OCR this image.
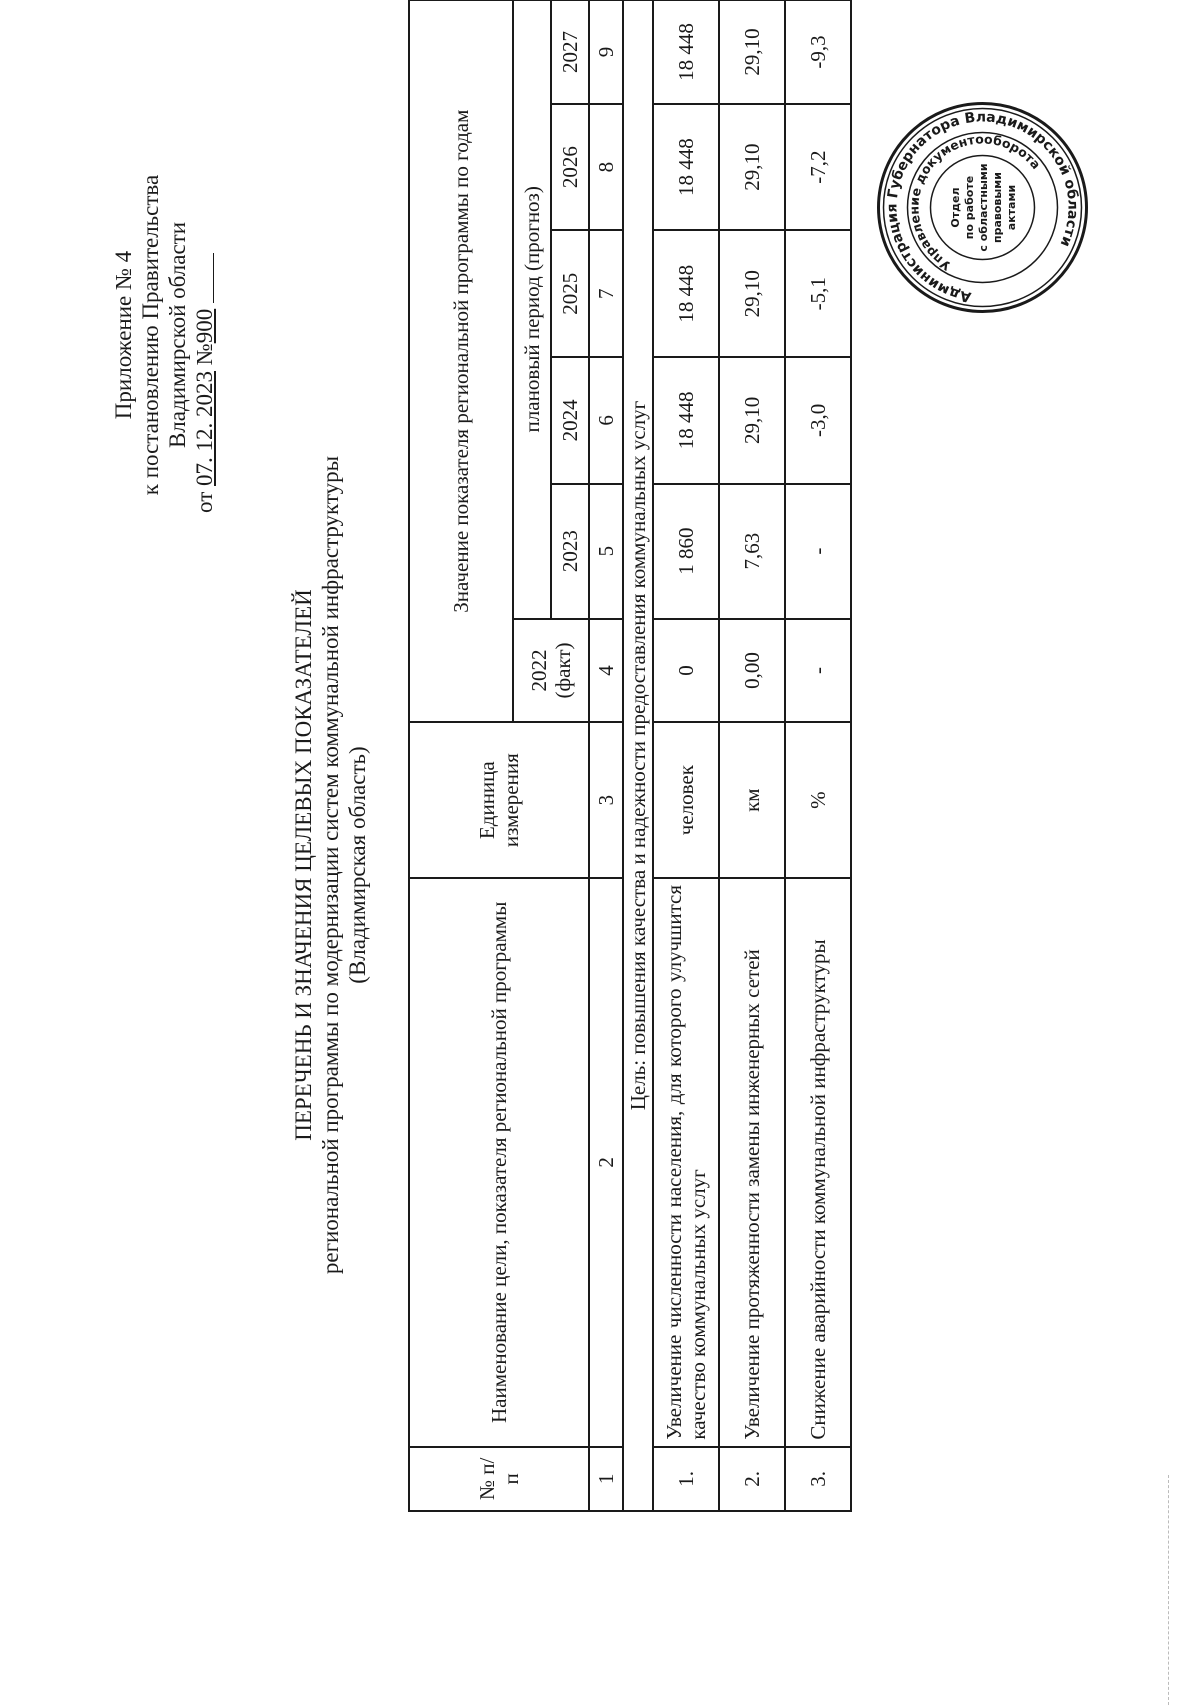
Приложение № 4 к постановлению Правительства Владимирской области
от 07. 12. 2023 №900
ПЕРЕЧЕНЬ И ЗНАЧЕНИЯ ЦЕЛЕВЫХ ПОКАЗАТЕЛЕЙ региональной программы по модернизации систем коммунальной инфраструктуры (Владимирская область)
№ п/п	Наименование цели, показателя региональной программы	Единица измерения	Значение показателя региональной программы по годам					
			2022 (факт)	плановый период (прогноз)				
				2023	2024	2025	2026	2027
1	2	3	4	5	6	7	8	9
Цель: повышения качества и надежности предоставления коммунальных услуг								
1.	Увеличение численности населения, для которого улучшится качество коммунальных услуг	человек	0	1 860	18 448	18 448	18 448	18 448
2.	Увеличение протяженности замены инженерных сетей	км	0,00	7,63	29,10	29,10	29,10	29,10
3.	Снижение аварийности коммунальной инфраструктуры	%	-	-	-3,0	-5,1	-7,2	-9,3
Администрация Губернатора Владимирской области
Управление документооборота
Отдел по работе с областными правовыми актами
